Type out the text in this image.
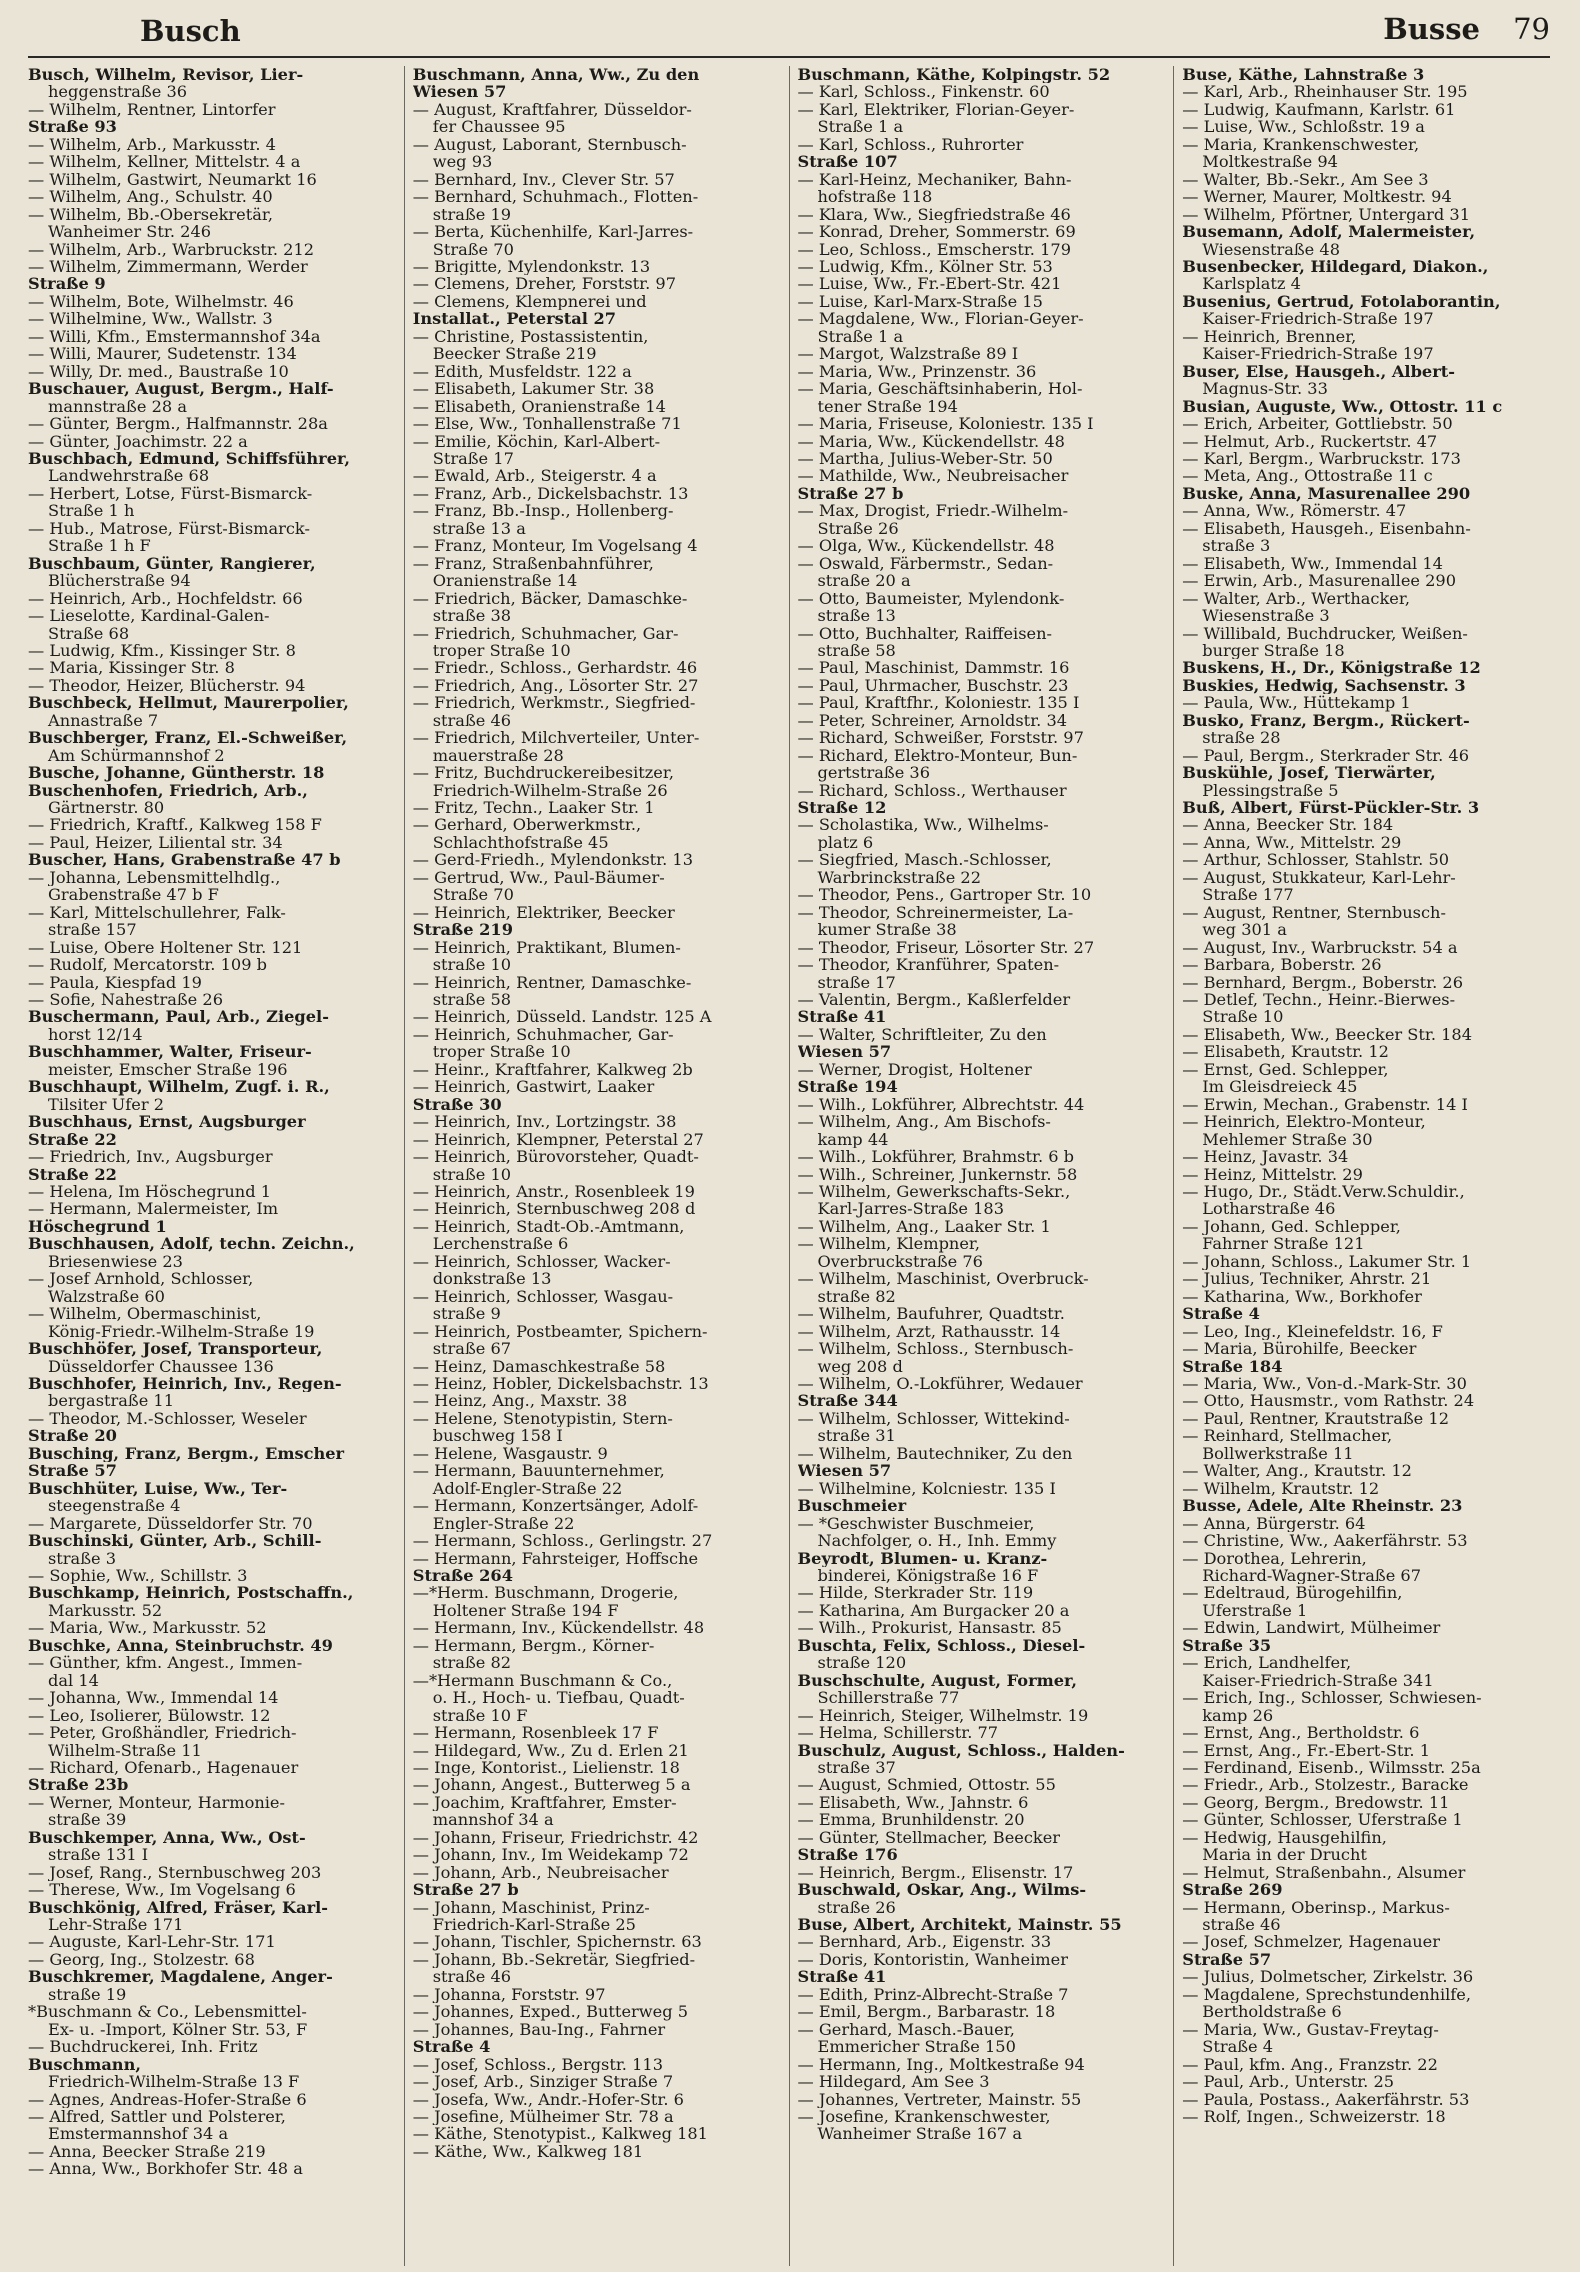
Busch	Busse 79
Busch, Wilhelm, Revisor, Lier-
heggenstraße 36
— Wilhelm, Rentner, Lintorfer
Straße 93
— Wilhelm, Arb., Markusstr. 4
— Wilhelm, Kellner, Mittelstr. 4 a
— Wilhelm, Gastwirt, Neumarkt 16
— Wilhelm, Ang., Schulstr. 40
— Wilhelm, Bb.-Obersekretär,
Wanheimer Str. 246
— Wilhelm, Arb., Warbruckstr. 212
— Wilhelm, Zimmermann, Werder
Straße 9
— Wilhelm, Bote, Wilhelmstr. 46
— Wilhelmine, Ww., Wallstr. 3
— Willi, Kfm., Emstermannshof 34a
— Willi, Maurer, Sudetenstr. 134
— Willy, Dr. med., Baustraße 10
Buschauer, August, Bergm., Half-
mannstraße 28 a
— Günter, Bergm., Halfmannstr. 28a
— Günter, Joachimstr. 22 a
Buschbach, Edmund, Schiffsführer,
Landwehrstraße 68
— Herbert, Lotse, Fürst-Bismarck-
Straße 1 h
— Hub., Matrose, Fürst-Bismarck-
Straße 1 h F
Buschbaum, Günter, Rangierer,
Blücherstraße 94
— Heinrich, Arb., Hochfeldstr. 66
— Lieselotte, Kardinal-Galen-
Straße 68
— Ludwig, Kfm., Kissinger Str. 8
— Maria, Kissinger Str. 8
— Theodor, Heizer, Blücherstr. 94
Buschbeck, Hellmut, Maurerpolier,
Annastraße 7
Buschberger, Franz, El.-Schweißer,
Am Schürmannshof 2
Busche, Johanne, Güntherstr. 18
Buschenhofen, Friedrich, Arb.,
Gärtnerstr. 80
— Friedrich, Kraftf., Kalkweg 158 F
— Paul, Heizer, Liliental str. 34
Buscher, Hans, Grabenstraße 47 b
— Johanna, Lebensmittelhdlg.,
Grabenstraße 47 b F
— Karl, Mittelschullehrer, Falk-
straße 157
— Luise, Obere Holtener Str. 121
— Rudolf, Mercatorstr. 109 b
— Paula, Kiespfad 19
— Sofie, Nahestraße 26
Buschermann, Paul, Arb., Ziegel-
horst 12/14
Buschhammer, Walter, Friseur-
meister, Emscher Straße 196
Buschhaupt, Wilhelm, Zugf. i. R.,
Tilsiter Ufer 2
Buschhaus, Ernst, Augsburger
Straße 22
— Friedrich, Inv., Augsburger
Straße 22
— Helena, Im Höschegrund 1
— Hermann, Malermeister, Im
Höschegrund 1
Buschhausen, Adolf, techn. Zeichn.,
Briesenwiese 23
— Josef Arnhold, Schlosser,
Walzstraße 60
— Wilhelm, Obermaschinist,
König-Friedr.-Wilhelm-Straße 19
Buschhöfer, Josef, Transporteur,
Düsseldorfer Chaussee 136
Buschhofer, Heinrich, Inv., Regen-
bergastraße 11
— Theodor, M.-Schlosser, Weseler
Straße 20
Busching, Franz, Bergm., Emscher
Straße 57
Buschhüter, Luise, Ww., Ter-
steegenstraße 4
— Margarete, Düsseldorfer Str. 70
Buschinski, Günter, Arb., Schill-
straße 3
— Sophie, Ww., Schillstr. 3
Buschkamp, Heinrich, Postschaffn.,
Markusstr. 52
— Maria, Ww., Markusstr. 52
Buschke, Anna, Steinbruchstr. 49
— Günther, kfm. Angest., Immen-
dal 14
— Johanna, Ww., Immendal 14
— Leo, Isolierer, Bülowstr. 12
— Peter, Großhändler, Friedrich-
Wilhelm-Straße 11
— Richard, Ofenarb., Hagenauer
Straße 23b
— Werner, Monteur, Harmonie-
straße 39
Buschkemper, Anna, Ww., Ost-
straße 131 I
— Josef, Rang., Sternbuschweg 203
— Therese, Ww., Im Vogelsang 6
Buschkönig, Alfred, Fräser, Karl-
Lehr-Straße 171
— Auguste, Karl-Lehr-Str. 171
— Georg, Ing., Stolzestr. 68
Buschkremer, Magdalene, Anger-
straße 19
*Buschmann & Co., Lebensmittel-
Ex- u. -Import, Kölner Str. 53, F
— Buchdruckerei, Inh. Fritz
Buschmann,
Friedrich-Wilhelm-Straße 13 F
— Agnes, Andreas-Hofer-Straße 6
— Alfred, Sattler und Polsterer,
Emstermannshof 34 a
— Anna, Beecker Straße 219
— Anna, Ww., Borkhofer Str. 48 a
Buschmann, Anna, Ww., Zu den
Wiesen 57
— August, Kraftfahrer, Düsseldor-
fer Chaussee 95
— August, Laborant, Sternbusch-
weg 93
— Bernhard, Inv., Clever Str. 57
— Bernhard, Schuhmach., Flotten-
straße 19
— Berta, Küchenhilfe, Karl-Jarres-
Straße 70
— Brigitte, Mylendonkstr. 13
— Clemens, Dreher, Forststr. 97
— Clemens, Klempnerei und
Installat., Peterstal 27
— Christine, Postassistentin,
Beecker Straße 219
— Edith, Musfeldstr. 122 a
— Elisabeth, Lakumer Str. 38
— Elisabeth, Oranienstraße 14
— Else, Ww., Tonhallenstraße 71
— Emilie, Köchin, Karl-Albert-
Straße 17
— Ewald, Arb., Steigerstr. 4 a
— Franz, Arb., Dickelsbachstr. 13
— Franz, Bb.-Insp., Hollenberg-
straße 13 a
— Franz, Monteur, Im Vogelsang 4
— Franz, Straßenbahnführer,
Oranienstraße 14
— Friedrich, Bäcker, Damaschke-
straße 38
— Friedrich, Schuhmacher, Gar-
troper Straße 10
— Friedr., Schloss., Gerhardstr. 46
— Friedrich, Ang., Lösorter Str. 27
— Friedrich, Werkmstr., Siegfried-
straße 46
— Friedrich, Milchverteiler, Unter-
mauerstraße 28
— Fritz, Buchdruckereibesitzer,
Friedrich-Wilhelm-Straße 26
— Fritz, Techn., Laaker Str. 1
— Gerhard, Oberwerkmstr.,
Schlachthofstraße 45
— Gerd-Friedh., Mylendonkstr. 13
— Gertrud, Ww., Paul-Bäumer-
Straße 70
— Heinrich, Elektriker, Beecker
Straße 219
— Heinrich, Praktikant, Blumen-
straße 10
— Heinrich, Rentner, Damaschke-
straße 58
— Heinrich, Düsseld. Landstr. 125 A
— Heinrich, Schuhmacher, Gar-
troper Straße 10
— Heinr., Kraftfahrer, Kalkweg 2b
— Heinrich, Gastwirt, Laaker
Straße 30
— Heinrich, Inv., Lortzingstr. 38
— Heinrich, Klempner, Peterstal 27
— Heinrich, Bürovorsteher, Quadt-
straße 10
— Heinrich, Anstr., Rosenbleek 19
— Heinrich, Sternbuschweg 208 d
— Heinrich, Stadt-Ob.-Amtmann,
Lerchenstraße 6
— Heinrich, Schlosser, Wacker-
donkstraße 13
— Heinrich, Schlosser, Wasgau-
straße 9
— Heinrich, Postbeamter, Spichern-
straße 67
— Heinz, Damaschkestraße 58
— Heinz, Hobler, Dickelsbachstr. 13
— Heinz, Ang., Maxstr. 38
— Helene, Stenotypistin, Stern-
buschweg 158 I
— Helene, Wasgaustr. 9
— Hermann, Bauunternehmer,
Adolf-Engler-Straße 22
— Hermann, Konzertsänger, Adolf-
Engler-Straße 22
— Hermann, Schloss., Gerlingstr. 27
— Hermann, Fahrsteiger, Hoffsche
Straße 264
—*Herm. Buschmann, Drogerie,
Holtener Straße 194 F
— Hermann, Inv., Kückendellstr. 48
— Hermann, Bergm., Körner-
straße 82
—*Hermann Buschmann & Co.,
o. H., Hoch- u. Tiefbau, Quadt-
straße 10 F
— Hermann, Rosenbleek 17 F
— Hildegard, Ww., Zu d. Erlen 21
— Inge, Kontorist., Lielienstr. 18
— Johann, Angest., Butterweg 5 a
— Joachim, Kraftfahrer, Emster-
mannshof 34 a
— Johann, Friseur, Friedrichstr. 42
— Johann, Inv., Im Weidekamp 72
— Johann, Arb., Neubreisacher
Straße 27 b
— Johann, Maschinist, Prinz-
Friedrich-Karl-Straße 25
— Johann, Tischler, Spichernstr. 63
— Johann, Bb.-Sekretär, Siegfried-
straße 46
— Johanna, Forststr. 97
— Johannes, Exped., Butterweg 5
— Johannes, Bau-Ing., Fahrner
Straße 4
— Josef, Schloss., Bergstr. 113
— Josef, Arb., Sinziger Straße 7
— Josefa, Ww., Andr.-Hofer-Str. 6
— Josefine, Mülheimer Str. 78 a
— Käthe, Stenotypist., Kalkweg 181
— Käthe, Ww., Kalkweg 181
Buschmann, Käthe, Kolpingstr. 52
— Karl, Schloss., Finkenstr. 60
— Karl, Elektriker, Florian-Geyer-
Straße 1 a
— Karl, Schloss., Ruhrorter
Straße 107
— Karl-Heinz, Mechaniker, Bahn-
hofstraße 118
— Klara, Ww., Siegfriedstraße 46
— Konrad, Dreher, Sommerstr. 69
— Leo, Schloss., Emscherstr. 179
— Ludwig, Kfm., Kölner Str. 53
— Luise, Ww., Fr.-Ebert-Str. 421
— Luise, Karl-Marx-Straße 15
— Magdalene, Ww., Florian-Geyer-
Straße 1 a
— Margot, Walzstraße 89 I
— Maria, Ww., Prinzenstr. 36
— Maria, Geschäftsinhaberin, Hol-
tener Straße 194
— Maria, Friseuse, Koloniestr. 135 I
— Maria, Ww., Kückendellstr. 48
— Martha, Julius-Weber-Str. 50
— Mathilde, Ww., Neubreisacher
Straße 27 b
— Max, Drogist, Friedr.-Wilhelm-
Straße 26
— Olga, Ww., Kückendellstr. 48
— Oswald, Färbermstr., Sedan-
straße 20 a
— Otto, Baumeister, Mylendonk-
straße 13
— Otto, Buchhalter, Raiffeisen-
straße 58
— Paul, Maschinist, Dammstr. 16
— Paul, Uhrmacher, Buschstr. 23
— Paul, Kraftfhr., Koloniestr. 135 I
— Peter, Schreiner, Arnoldstr. 34
— Richard, Schweißer, Forststr. 97
— Richard, Elektro-Monteur, Bun-
gertstraße 36
— Richard, Schloss., Werthauser
Straße 12
— Scholastika, Ww., Wilhelms-
platz 6
— Siegfried, Masch.-Schlosser,
Warbrinckstraße 22
— Theodor, Pens., Gartroper Str. 10
— Theodor, Schreinermeister, La-
kumer Straße 38
— Theodor, Friseur, Lösorter Str. 27
— Theodor, Kranführer, Spaten-
straße 17
— Valentin, Bergm., Kaßlerfelder
Straße 41
— Walter, Schriftleiter, Zu den
Wiesen 57
— Werner, Drogist, Holtener
Straße 194
— Wilh., Lokführer, Albrechtstr. 44
— Wilhelm, Ang., Am Bischofs-
kamp 44
— Wilh., Lokführer, Brahmstr. 6 b
— Wilh., Schreiner, Junkernstr. 58
— Wilhelm, Gewerkschafts-Sekr.,
Karl-Jarres-Straße 183
— Wilhelm, Ang., Laaker Str. 1
— Wilhelm, Klempner,
Overbruckstraße 76
— Wilhelm, Maschinist, Overbruck-
straße 82
— Wilhelm, Baufuhrer, Quadtstr.
— Wilhelm, Arzt, Rathausstr. 14
— Wilhelm, Schloss., Sternbusch-
weg 208 d
— Wilhelm, O.-Lokführer, Wedauer
Straße 344
— Wilhelm, Schlosser, Wittekind-
straße 31
— Wilhelm, Bautechniker, Zu den
Wiesen 57
— Wilhelmine, Kolcniestr. 135 I
Buschmeier
— *Geschwister Buschmeier,
Nachfolger, o. H., Inh. Emmy
Beyrodt, Blumen- u. Kranz-
binderei, Königstraße 16 F
— Hilde, Sterkrader Str. 119
— Katharina, Am Burgacker 20 a
— Wilh., Prokurist, Hansastr. 85
Buschta, Felix, Schloss., Diesel-
straße 120
Buschschulte, August, Former,
Schillerstraße 77
— Heinrich, Steiger, Wilhelmstr. 19
— Helma, Schillerstr. 77
Buschulz, August, Schloss., Halden-
straße 37
— August, Schmied, Ottostr. 55
— Elisabeth, Ww., Jahnstr. 6
— Emma, Brunhildenstr. 20
— Günter, Stellmacher, Beecker
Straße 176
— Heinrich, Bergm., Elisenstr. 17
Buschwald, Oskar, Ang., Wilms-
straße 26
Buse, Albert, Architekt, Mainstr. 55
— Bernhard, Arb., Eigenstr. 33
— Doris, Kontoristin, Wanheimer
Straße 41
— Edith, Prinz-Albrecht-Straße 7
— Emil, Bergm., Barbarastr. 18
— Gerhard, Masch.-Bauer,
Emmericher Straße 150
— Hermann, Ing., Moltkestraße 94
— Hildegard, Am See 3
— Johannes, Vertreter, Mainstr. 55
— Josefine, Krankenschwester,
Wanheimer Straße 167 a
Buse, Käthe, Lahnstraße 3
— Karl, Arb., Rheinhauser Str. 195
— Ludwig, Kaufmann, Karlstr. 61
— Luise, Ww., Schloßstr. 19 a
— Maria, Krankenschwester,
Moltkestraße 94
— Walter, Bb.-Sekr., Am See 3
— Werner, Maurer, Moltkestr. 94
— Wilhelm, Pförtner, Untergard 31
Busemann, Adolf, Malermeister,
Wiesenstraße 48
Busenbecker, Hildegard, Diakon.,
Karlsplatz 4
Busenius, Gertrud, Fotolaborantin,
Kaiser-Friedrich-Straße 197
— Heinrich, Brenner,
Kaiser-Friedrich-Straße 197
Buser, Else, Hausgeh., Albert-
Magnus-Str. 33
Busian, Auguste, Ww., Ottostr. 11 c
— Erich, Arbeiter, Gottliebstr. 50
— Helmut, Arb., Ruckertstr. 47
— Karl, Bergm., Warbruckstr. 173
— Meta, Ang., Ottostraße 11 c
Buske, Anna, Masurenallee 290
— Anna, Ww., Römerstr. 47
— Elisabeth, Hausgeh., Eisenbahn-
straße 3
— Elisabeth, Ww., Immendal 14
— Erwin, Arb., Masurenallee 290
— Walter, Arb., Werthacker,
Wiesenstraße 3
— Willibald, Buchdrucker, Weißen-
burger Straße 18
Buskens, H., Dr., Königstraße 12
Buskies, Hedwig, Sachsenstr. 3
— Paula, Ww., Hüttekamp 1
Busko, Franz, Bergm., Rückert-
straße 28
— Paul, Bergm., Sterkrader Str. 46
Buskühle, Josef, Tierwärter,
Plessingstraße 5
Buß, Albert, Fürst-Pückler-Str. 3
— Anna, Beecker Str. 184
— Anna, Ww., Mittelstr. 29
— Arthur, Schlosser, Stahlstr. 50
— August, Stukkateur, Karl-Lehr-
Straße 177
— August, Rentner, Sternbusch-
weg 301 a
— August, Inv., Warbruckstr. 54 a
— Barbara, Boberstr. 26
— Bernhard, Bergm., Boberstr. 26
— Detlef, Techn., Heinr.-Bierwes-
Straße 10
— Elisabeth, Ww., Beecker Str. 184
— Elisabeth, Krautstr. 12
— Ernst, Ged. Schlepper,
Im Gleisdreieck 45
— Erwin, Mechan., Grabenstr. 14 I
— Heinrich, Elektro-Monteur,
Mehlemer Straße 30
— Heinz, Javastr. 34
— Heinz, Mittelstr. 29
— Hugo, Dr., Städt.Verw.Schuldir.,
Lotharstraße 46
— Johann, Ged. Schlepper,
Fahrner Straße 121
— Johann, Schloss., Lakumer Str. 1
— Julius, Techniker, Ahrstr. 21
— Katharina, Ww., Borkhofer
Straße 4
— Leo, Ing., Kleinefeldstr. 16, F
— Maria, Bürohilfe, Beecker
Straße 184
— Maria, Ww., Von-d.-Mark-Str. 30
— Otto, Hausmstr., vom Rathstr. 24
— Paul, Rentner, Krautstraße 12
— Reinhard, Stellmacher,
Bollwerkstraße 11
— Walter, Ang., Krautstr. 12
— Wilhelm, Krautstr. 12
Busse, Adele, Alte Rheinstr. 23
— Anna, Bürgerstr. 64
— Christine, Ww., Aakerfährstr. 53
— Dorothea, Lehrerin,
Richard-Wagner-Straße 67
— Edeltraud, Bürogehilfin,
Uferstraße 1
— Edwin, Landwirt, Mülheimer
Straße 35
— Erich, Landhelfer,
Kaiser-Friedrich-Straße 341
— Erich, Ing., Schlosser, Schwiesen-
kamp 26
— Ernst, Ang., Bertholdstr. 6
— Ernst, Ang., Fr.-Ebert-Str. 1
— Ferdinand, Eisenb., Wilmsstr. 25a
— Friedr., Arb., Stolzestr., Baracke
— Georg, Bergm., Bredowstr. 11
— Günter, Schlosser, Uferstraße 1
— Hedwig, Hausgehilfin,
Maria in der Drucht
— Helmut, Straßenbahn., Alsumer
Straße 269
— Hermann, Oberinsp., Markus-
straße 46
— Josef, Schmelzer, Hagenauer
Straße 57
— Julius, Dolmetscher, Zirkelstr. 36
— Magdalene, Sprechstundenhilfe,
Bertholdstraße 6
— Maria, Ww., Gustav-Freytag-
Straße 4
— Paul, kfm. Ang., Franzstr. 22
— Paul, Arb., Unterstr. 25
— Paula, Postass., Aakerfährstr. 53
— Rolf, Ingen., Schweizerstr. 18
